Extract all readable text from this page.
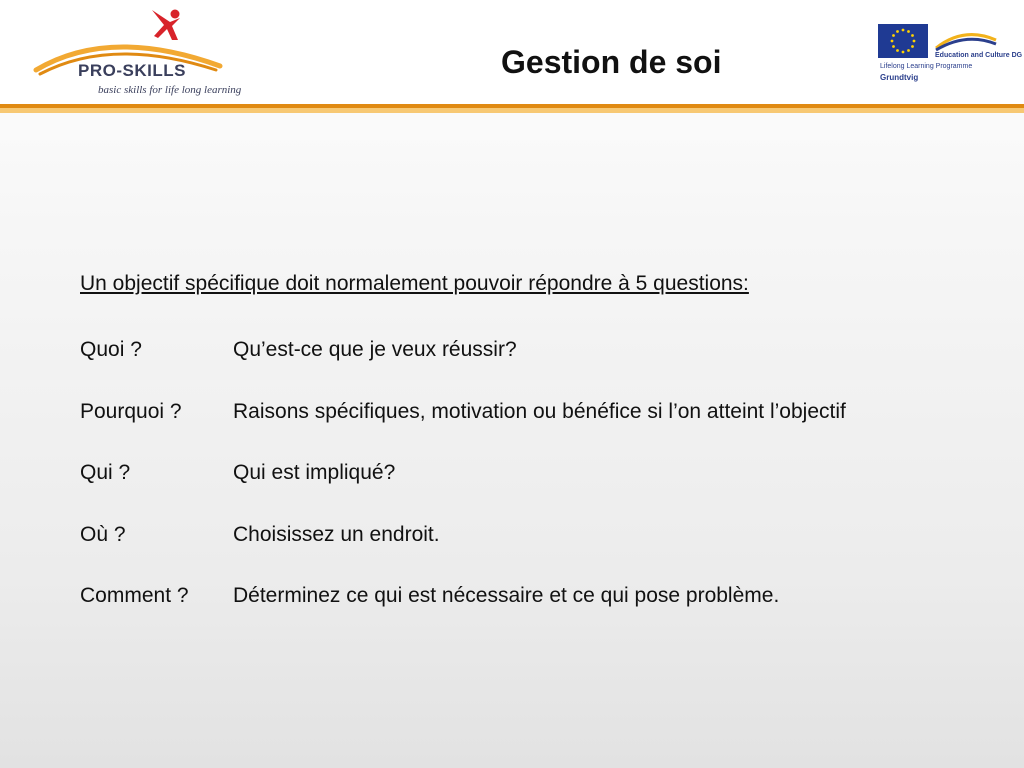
PRO-SKILLS
basic skills for life long learning
Gestion de soi	Education and Culture DG
Lifelong Learning Programme
Grundtvig

Un objectif spécifique doit normalement pouvoir répondre à 5 questions:

Quoi ?	Qu’est-ce que je veux réussir?
Pourquoi ?	Raisons spécifiques, motivation ou bénéfice si l’on atteint l’objectif
Qui ?	Qui est impliqué?
Où ?	Choisissez un endroit.
Comment ?	Déterminez ce qui est nécessaire et ce qui pose problème.
